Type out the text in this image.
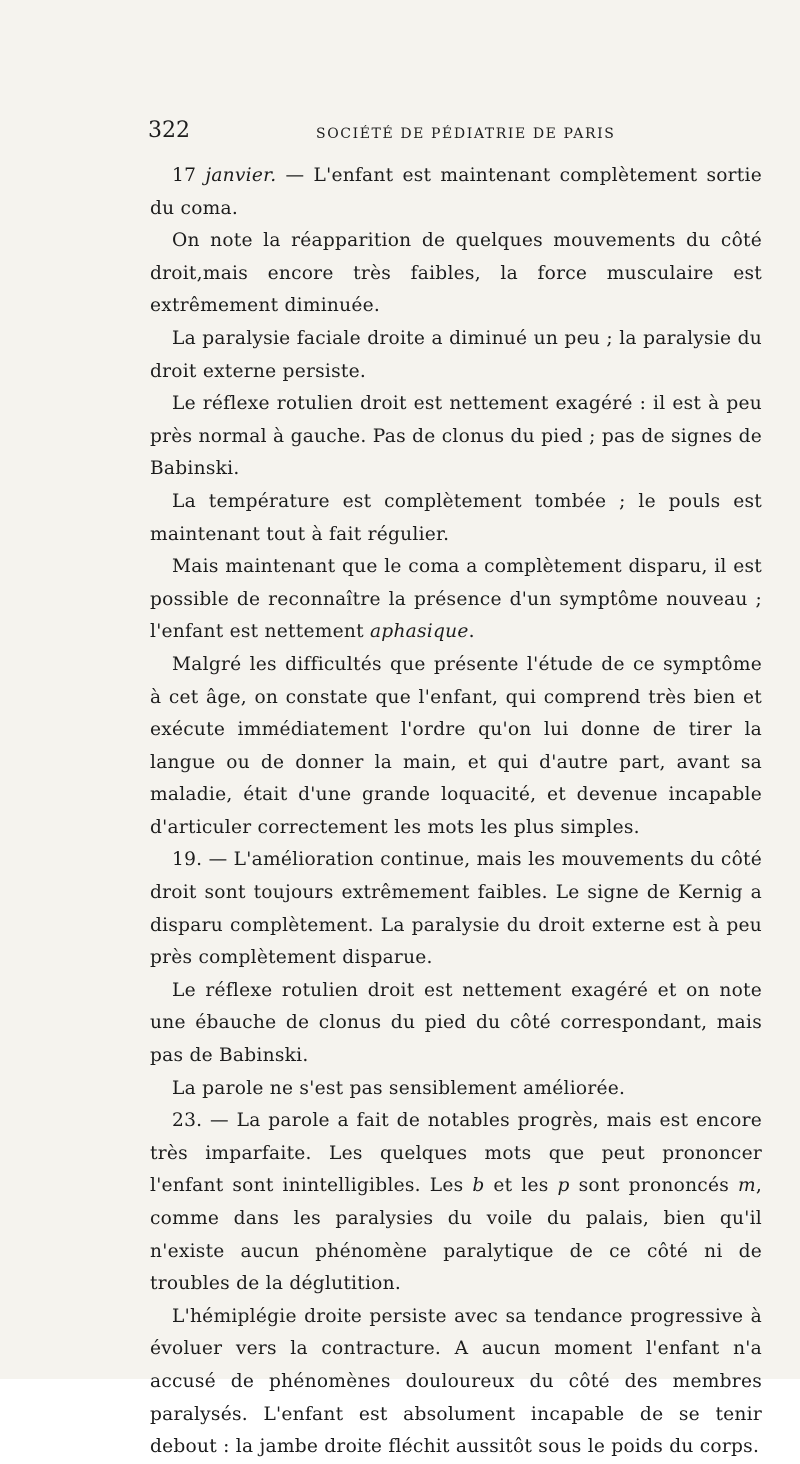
322	SOCIÉTÉ DE PÉDIATRIE DE PARIS

17 janvier. — L'enfant est maintenant complètement sortie du coma.

On note la réapparition de quelques mouvements du côté droit,mais encore très faibles, la force musculaire est extrêmement diminuée.

La paralysie faciale droite a diminué un peu ; la paralysie du droit externe persiste.

Le réflexe rotulien droit est nettement exagéré : il est à peu près normal à gauche. Pas de clonus du pied ; pas de signes de Babinski.

La température est complètement tombée ; le pouls est maintenant tout à fait régulier.

Mais maintenant que le coma a complètement disparu, il est possible de reconnaître la présence d'un symptôme nouveau ; l'enfant est nettement aphasique.

Malgré les difficultés que présente l'étude de ce symptôme à cet âge, on constate que l'enfant, qui comprend très bien et exécute immédiatement l'ordre qu'on lui donne de tirer la langue ou de donner la main, et qui d'autre part, avant sa maladie, était d'une grande loquacité, et devenue incapable d'articuler correctement les mots les plus simples.

19. — L'amélioration continue, mais les mouvements du côté droit sont toujours extrêmement faibles. Le signe de Kernig a disparu complètement. La paralysie du droit externe est à peu près complètement disparue.

Le réflexe rotulien droit est nettement exagéré et on note une ébauche de clonus du pied du côté correspondant, mais pas de Babinski.

La parole ne s'est pas sensiblement améliorée.

23. — La parole a fait de notables progrès, mais est encore très imparfaite. Les quelques mots que peut prononcer l'enfant sont inintelligibles. Les b et les p sont prononcés m, comme dans les paralysies du voile du palais, bien qu'il n'existe aucun phénomène paralytique de ce côté ni de troubles de la déglutition.

L'hémiplégie droite persiste avec sa tendance progressive à évoluer vers la contracture. A aucun moment l'enfant n'a accusé de phénomènes douloureux du côté des membres paralysés. L'enfant est absolument incapable de se tenir debout : la jambe droite fléchit aussitôt sous le poids du corps.
